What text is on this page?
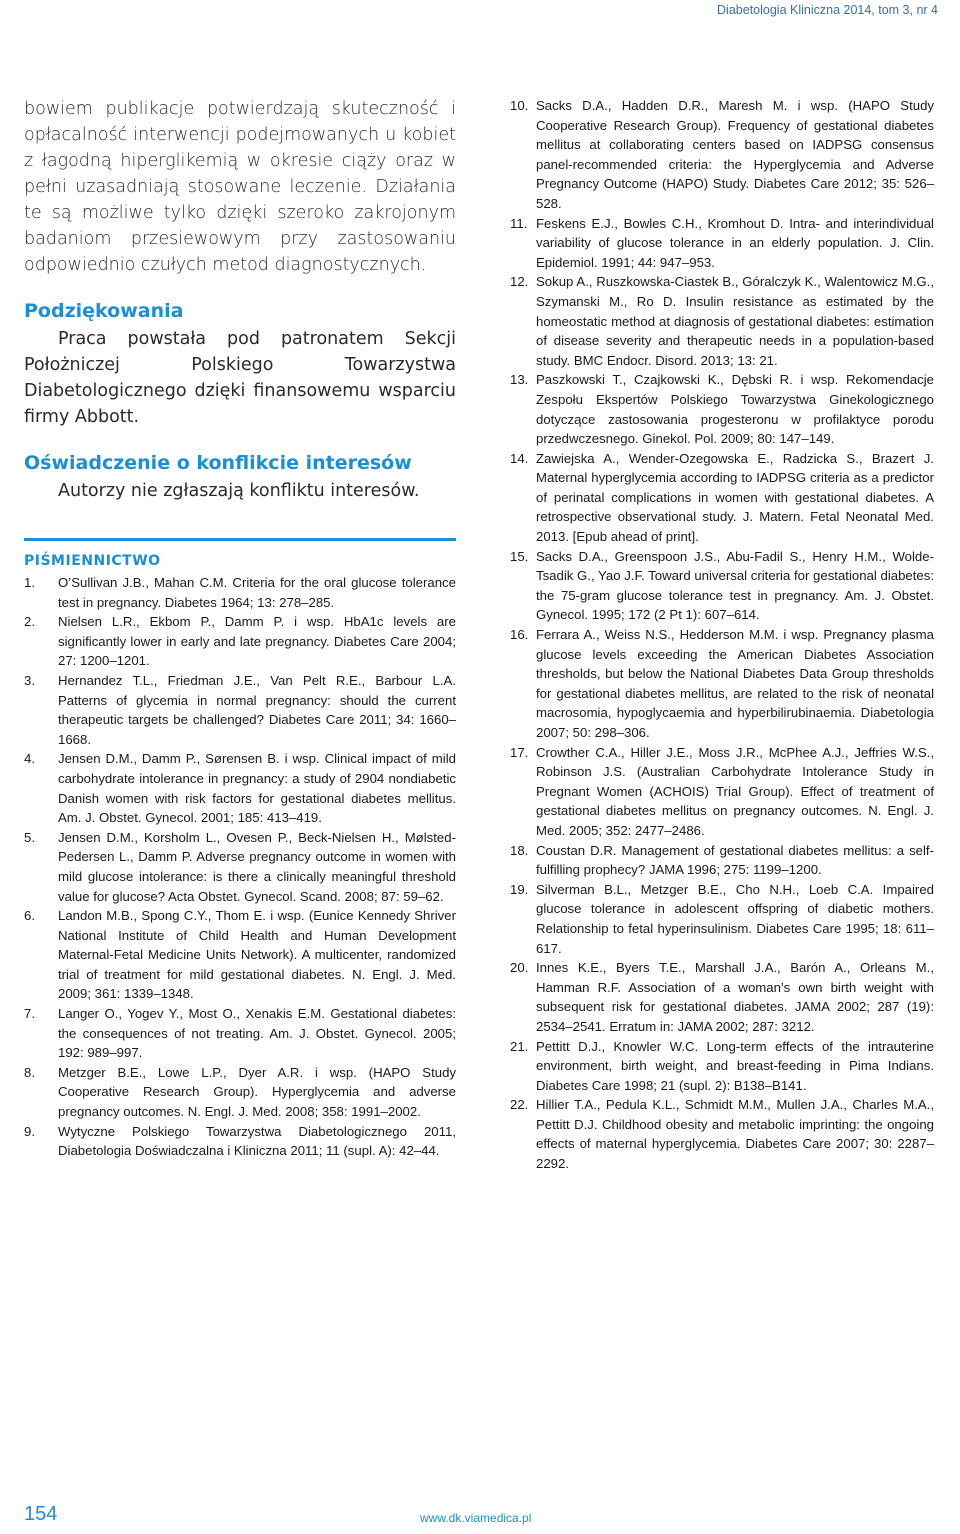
Diabetologia Kliniczna 2014, tom 3, nr 4

bowiem publikacje potwierdzają skuteczność i opłacalność interwencji podejmowanych u kobiet z łagodną hiperglikemią w okresie ciąży oraz w pełni uzasadniają stosowane leczenie. Działania te są możliwe tylko dzięki szeroko zakrojonym badaniom przesiewowym przy zastosowaniu odpowiednio czułych metod diagnostycznych.

Podziękowania

Praca powstała pod patronatem Sekcji Położniczej Polskiego Towarzystwa Diabetologicznego dzięki finansowemu wsparciu firmy Abbott.

Oświadczenie o konflikcie interesów

Autorzy nie zgłaszają konfliktu interesów.

PIŚMIENNICTWO
1. O’Sullivan J.B., Mahan C.M. Criteria for the oral glucose tolerance test in pregnancy. Diabetes 1964; 13: 278–285.
2. Nielsen L.R., Ekbom P., Damm P. i wsp. HbA1c levels are significantly lower in early and late pregnancy. Diabetes Care 2004; 27: 1200–1201.
3. Hernandez T.L., Friedman J.E., Van Pelt R.E., Barbour L.A. Patterns of glycemia in normal pregnancy: should the current therapeutic targets be challenged? Diabetes Care 2011; 34: 1660–1668.
4. Jensen D.M., Damm P., Sørensen B. i wsp. Clinical impact of mild carbohydrate intolerance in pregnancy: a study of 2904 nondiabetic Danish women with risk factors for gestational diabetes mellitus. Am. J. Obstet. Gynecol. 2001; 185: 413–419.
5. Jensen D.M., Korsholm L., Ovesen P., Beck-Nielsen H., Mølsted-Pedersen L., Damm P. Adverse pregnancy outcome in women with mild glucose intolerance: is there a clinically meaningful threshold value for glucose? Acta Obstet. Gynecol. Scand. 2008; 87: 59–62.
6. Landon M.B., Spong C.Y., Thom E. i wsp. (Eunice Kennedy Shriver National Institute of Child Health and Human Development Maternal-Fetal Medicine Units Network). A multicenter, randomized trial of treatment for mild gestational diabetes. N. Engl. J. Med. 2009; 361: 1339–1348.
7. Langer O., Yogev Y., Most O., Xenakis E.M. Gestational diabetes: the consequences of not treating. Am. J. Obstet. Gynecol. 2005; 192: 989–997.
8. Metzger B.E., Lowe L.P., Dyer A.R. i wsp. (HAPO Study Cooperative Research Group). Hyperglycemia and adverse pregnancy outcomes. N. Engl. J. Med. 2008; 358: 1991–2002.
9. Wytyczne Polskiego Towarzystwa Diabetologicznego 2011, Diabetologia Doświadczalna i Kliniczna 2011; 11 (supl. A): 42–44.
10. Sacks D.A., Hadden D.R., Maresh M. i wsp. (HAPO Study Cooperative Research Group). Frequency of gestational diabetes mellitus at collaborating centers based on IADPSG consensus panel-recommended criteria: the Hyperglycemia and Adverse Pregnancy Outcome (HAPO) Study. Diabetes Care 2012; 35: 526–528.
11. Feskens E.J., Bowles C.H., Kromhout D. Intra- and interindividual variability of glucose tolerance in an elderly population. J. Clin. Epidemiol. 1991; 44: 947–953.
12. Sokup A., Ruszkowska-Ciastek B., Góralczyk K., Walentowicz M.G., Szymanski M., Ro D. Insulin resistance as estimated by the homeostatic method at diagnosis of gestational diabetes: estimation of disease severity and therapeutic needs in a population-based study. BMC Endocr. Disord. 2013; 13: 21.
13. Paszkowski T., Czajkowski K., Dębski R. i wsp. Rekomendacje Zespołu Ekspertów Polskiego Towarzystwa Ginekologicznego dotyczące zastosowania progesteronu w profilaktyce porodu przedwczesnego. Ginekol. Pol. 2009; 80: 147–149.
14. Zawiejska A., Wender-Ozegowska E., Radzicka S., Brazert J. Maternal hyperglycemia according to IADPSG criteria as a predictor of perinatal complications in women with gestational diabetes. A retrospective observational study. J. Matern. Fetal Neonatal Med. 2013. [Epub ahead of print].
15. Sacks D.A., Greenspoon J.S., Abu-Fadil S., Henry H.M., Wolde-Tsadik G., Yao J.F. Toward universal criteria for gestational diabetes: the 75-gram glucose tolerance test in pregnancy. Am. J. Obstet. Gynecol. 1995; 172 (2 Pt 1): 607–614.
16. Ferrara A., Weiss N.S., Hedderson M.M. i wsp. Pregnancy plasma glucose levels exceeding the American Diabetes Association thresholds, but below the National Diabetes Data Group thresholds for gestational diabetes mellitus, are related to the risk of neonatal macrosomia, hypoglycaemia and hyperbilirubinaemia. Diabetologia 2007; 50: 298–306.
17. Crowther C.A., Hiller J.E., Moss J.R., McPhee A.J., Jeffries W.S., Robinson J.S. (Australian Carbohydrate Intolerance Study in Pregnant Women (ACHOIS) Trial Group). Effect of treatment of gestational diabetes mellitus on pregnancy outcomes. N. Engl. J. Med. 2005; 352: 2477–2486.
18. Coustan D.R. Management of gestational diabetes mellitus: a self-fulfilling prophecy? JAMA 1996; 275: 1199–1200.
19. Silverman B.L., Metzger B.E., Cho N.H., Loeb C.A. Impaired glucose tolerance in adolescent offspring of diabetic mothers. Relationship to fetal hyperinsulinism. Diabetes Care 1995; 18: 611–617.
20. Innes K.E., Byers T.E., Marshall J.A., Barón A., Orleans M., Hamman R.F. Association of a woman’s own birth weight with subsequent risk for gestational diabetes. JAMA 2002; 287 (19): 2534–2541. Erratum in: JAMA 2002; 287: 3212.
21. Pettitt D.J., Knowler W.C. Long-term effects of the intrauterine environment, birth weight, and breast-feeding in Pima Indians. Diabetes Care 1998; 21 (supl. 2): B138–B141.
22. Hillier T.A., Pedula K.L., Schmidt M.M., Mullen J.A., Charles M.A., Pettitt D.J. Childhood obesity and metabolic imprinting: the ongoing effects of maternal hyperglycemia. Diabetes Care 2007; 30: 2287–2292.
154	www.dk.viamedica.pl
